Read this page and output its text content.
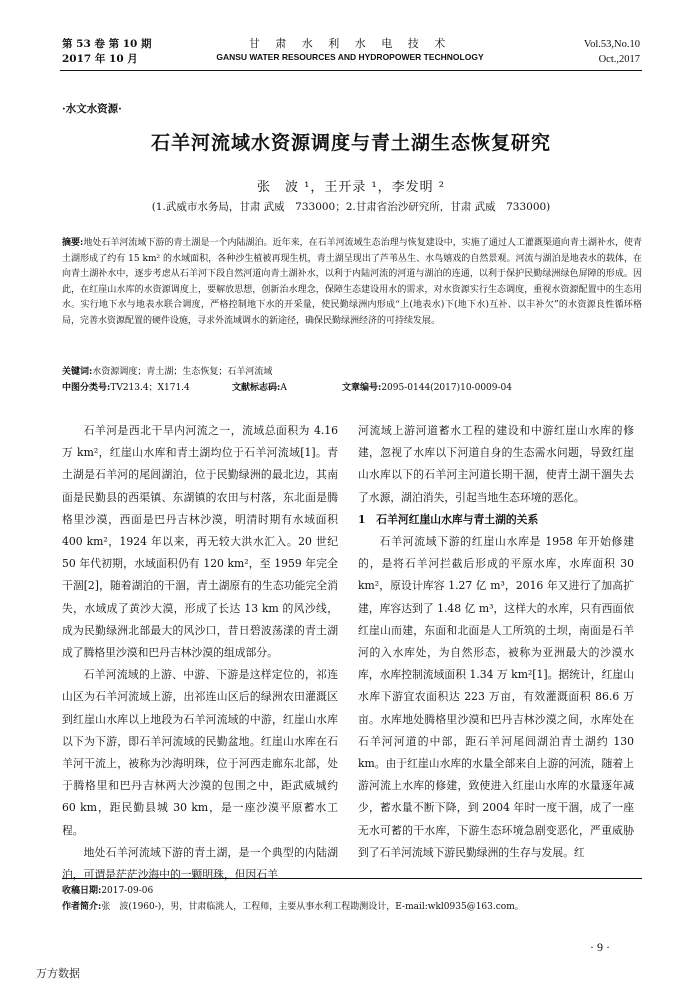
第 53 卷 第 10 期
2017 年 10 月
甘 肃 水 利 水 电 技 术
GANSU WATER RESOURCES AND HYDROPOWER TECHNOLOGY
Vol.53,No.10
Oct.,2017
·水文水资源·
石羊河流域水资源调度与青土湖生态恢复研究
张　波 ¹，王开录 ¹，李发明 ²
(1.武威市水务局，甘肃 武威　733000；2.甘肃省治沙研究所，甘肃 武威　733000)
摘要:地处石羊河流域下游的青土湖是一个内陆湖泊。近年来，在石羊河流域生态治理与恢复建设中，实施了通过人工灌溉渠道向青土湖补水，使青土湖形成了约有 15 km² 的水域面积，各种沙生植被再现生机，青土湖呈现出了芦苇丛生、水鸟嬉戏的自然景观。河流与湖泊是地表水的载体，在向青土湖补水中，逐步考虑从石羊河下段自然河道向青土湖补水，以利于内陆河流的河道与湖泊的连通，以利于保护民勤绿洲绿色屏障的形成。因此，在红崖山水库的水资源调度上，要解放思想，创新治水理念，保障生态建设用水的需求，对水资源实行生态调度，重视水资源配置中的生态用水。实行地下水与地表水联合调度，严格控制地下水的开采量，使民勤绿洲内形成“上(地表水)下(地下水)互补、以丰补欠”的水资源良性循环格局，完善水资源配置的硬件设施，寻求外流域调水的新途径，确保民勤绿洲经济的可持续发展。
关键词:水资源调度；青土湖；生态恢复；石羊河流域
中图分类号:TV213.4；X171.4	文献标志码:A	文章编号:2095-0144(2017)10-0009-04

石羊河是西北干旱内河流之一，流域总面积为 4.16 万 km²，红崖山水库和青土湖均位于石羊河流域[1]。青土湖是石羊河的尾闾湖泊，位于民勤绿洲的最北边，其南面是民勤县的西渠镇、东湖镇的农田与村落，东北面是腾格里沙漠，西面是巴丹吉林沙漠，明清时期有水域面积 400 km²，1924 年以来，再无较大洪水汇入。20 世纪 50 年代初期，水域面积仍有 120 km²，至 1959 年完全干涸[2]，随着湖泊的干涸，青土湖原有的生态功能完全消失，水域成了黄沙大漠，形成了长达 13 km 的风沙线，成为民勤绿洲北部最大的风沙口，昔日碧波荡漾的青土湖成了腾格里沙漠和巴丹吉林沙漠的组成部分。

石羊河流域的上游、中游、下游是这样定位的，祁连山区为石羊河流域上游，出祁连山区后的绿洲农田灌溉区到红崖山水库以上地段为石羊河流域的中游，红崖山水库以下为下游，即石羊河流域的民勤盆地。红崖山水库在石羊河干流上，被称为沙海明珠，位于河西走廊东北部，处于腾格里和巴丹吉林两大沙漠的包围之中，距武威城约 60 km，距民勤县城 30 km，是一座沙漠平原蓄水工程。

地处石羊河流域下游的青土湖，是一个典型的内陆湖泊，可谓是茫茫沙海中的一颗明珠，但因石羊

河流域上游河道蓄水工程的建设和中游红崖山水库的修建，忽视了水库以下河道自身的生态需水问题，导致红崖山水库以下的石羊河主河道长期干涸，使青土湖干涸失去了水源，湖泊消失，引起当地生态环境的恶化。

1　石羊河红崖山水库与青土湖的关系

石羊河流域下游的红崖山水库是 1958 年开始修建的，是将石羊河拦截后形成的平原水库，水库面积 30 km²，原设计库容 1.27 亿 m³，2016 年又进行了加高扩建，库容达到了 1.48 亿 m³，这样大的水库，只有西面依红崖山而建，东面和北面是人工所筑的土坝，南面是石羊河的入水库处，为自然形态，被称为亚洲最大的沙漠水库，水库控制流域面积 1.34 万 km²[1]。据统计，红崖山水库下游宜农面积达 223 万亩，有效灌溉面积 86.6 万亩。水库地处腾格里沙漠和巴丹吉林沙漠之间，水库处在石羊河河道的中部，距石羊河尾闾湖泊青土湖约 130 km。由于红崖山水库的水量全部来自上游的河流，随着上游河流上水库的修建，致使进入红崖山水库的水量逐年减少，蓄水量不断下降，到 2004 年时一度干涸，成了一座无水可蓄的干水库，下游生态环境急剧变恶化，严重威胁到了石羊河流域下游民勤绿洲的生存与发展。红

收稿日期:2017-09-06
作者简介:张　波(1960-)，男，甘肃临洮人，工程师，主要从事水利工程勘测设计，E-mail:wkl0935@163.com。
· 9 ·
万方数据
